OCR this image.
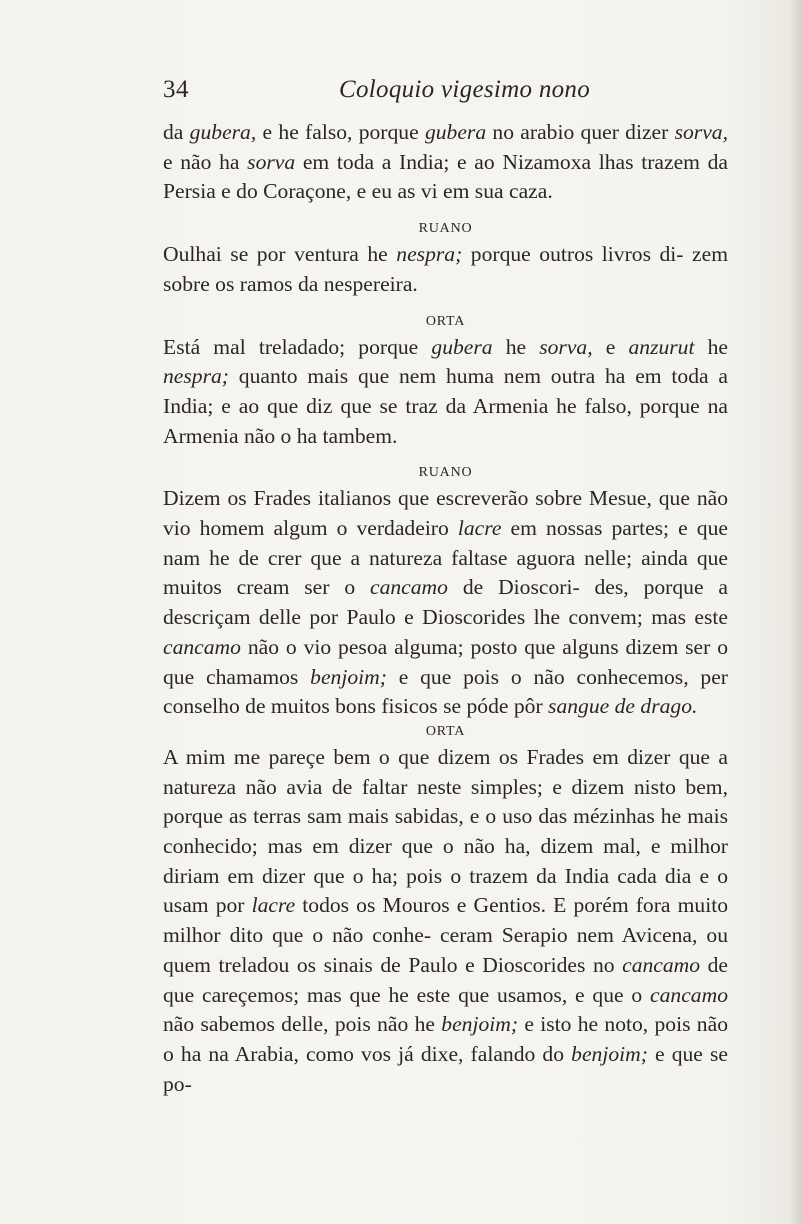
34	Coloquio vigesimo nono

da gubera, e he falso, porque gubera no arabio quer dizer sorva, e não ha sorva em toda a India; e ao Nizamoxa lhas trazem da Persia e do Coraçone, e eu as vi em sua caza.

RUANO

Oulhai se por ventura he nespra; porque outros livros di- zem sobre os ramos da nespereira.

ORTA

Está mal treladado; porque gubera he sorva, e anzurut he nespra; quanto mais que nem huma nem outra ha em toda a India; e ao que diz que se traz da Armenia he falso, porque na Armenia não o ha tambem.

RUANO

Dizem os Frades italianos que escreverão sobre Mesue, que não vio homem algum o verdadeiro lacre em nossas partes; e que nam he de crer que a natureza faltase aguora nelle; ainda que muitos cream ser o cancamo de Dioscori- des, porque a descriçam delle por Paulo e Dioscorides lhe convem; mas este cancamo não o vio pesoa alguma; posto que alguns dizem ser o que chamamos benjoim; e que pois o não conhecemos, per conselho de muitos bons fisicos se póde pôr sangue de drago.

ORTA

A mim me pareçe bem o que dizem os Frades em dizer que a natureza não avia de faltar neste simples; e dizem nisto bem, porque as terras sam mais sabidas, e o uso das mézinhas he mais conhecido; mas em dizer que o não ha, dizem mal, e milhor diriam em dizer que o ha; pois o trazem da India cada dia e o usam por lacre todos os Mouros e Gentios. E porém fora muito milhor dito que o não conhe- ceram Serapio nem Avicena, ou quem treladou os sinais de Paulo e Dioscorides no cancamo de que careçemos; mas que he este que usamos, e que o cancamo não sabemos delle, pois não he benjoim; e isto he noto, pois não o ha na Arabia, como vos já dixe, falando do benjoim; e que se po-
